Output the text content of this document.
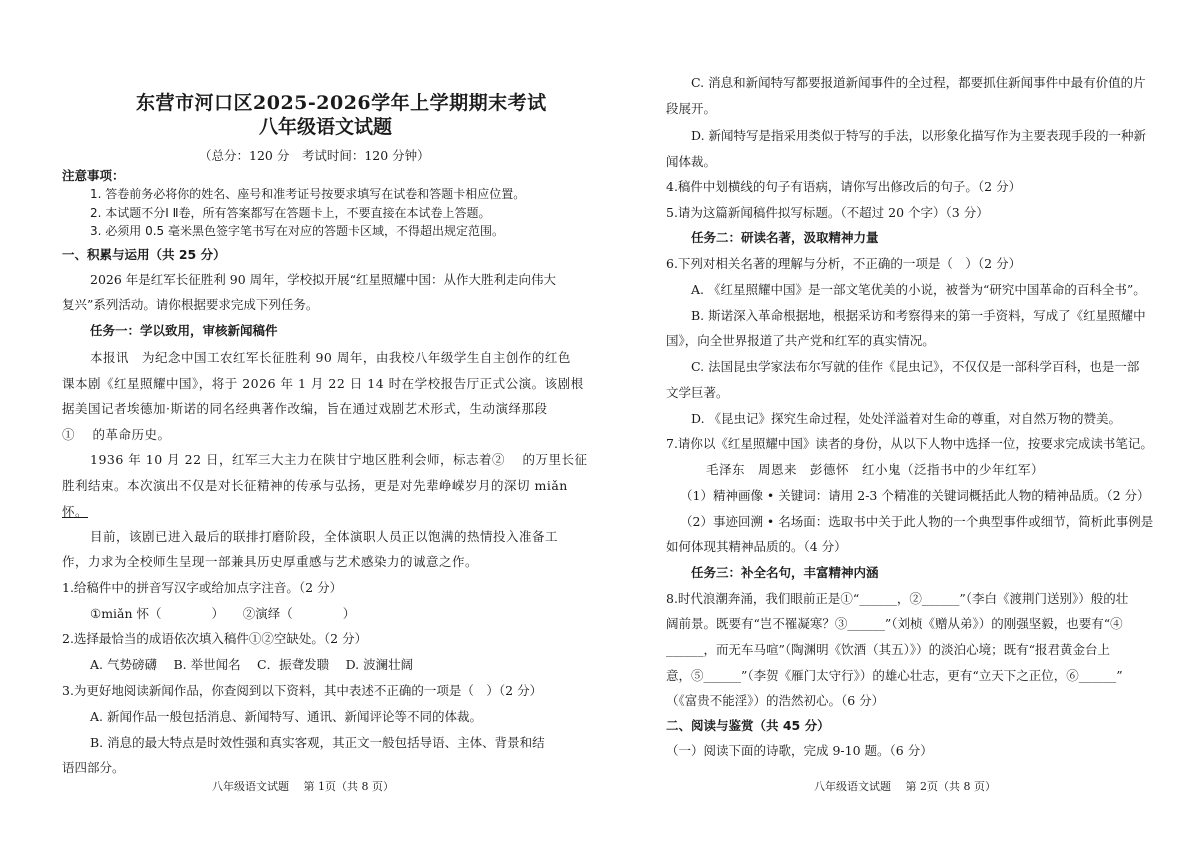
东营市河口区2025-2026学年上学期期末考试
八年级语文试题
（总分：120 分　考试时间：120 分钟）
注意事项：
1. 答卷前务必将你的姓名、座号和准考证号按要求填写在试卷和答题卡相应位置。
2. 本试题不分Ⅰ Ⅱ卷，所有答案都写在答题卡上，不要直接在本试卷上答题。
3. 必须用 0.5 毫米黑色签字笔书写在对应的答题卡区域，不得超出规定范围。
一、积累与运用（共 25 分）
2026 年是红军长征胜利 90 周年，学校拟开展“红星照耀中国：从作大胜利走向伟大
复兴”系列活动。请你根据要求完成下列任务。
任务一：学以致用，审核新闻稿件
本报讯　为纪念中国工农红军长征胜利 90 周年，由我校八年级学生自主创作的红色
课本剧《红星照耀中国》，将于 2026 年 1 月 22 日 14 时在学校报告厅正式公演。该剧根
据美国记者埃德加·斯诺的同名经典著作改编，旨在通过戏剧艺术形式，生动演绎那段
①　 的革命历史。
1936 年 10 月 22 日，红军三大主力在陕甘宁地区胜利会师，标志着②　 的万里长征
胜利结束。本次演出不仅是对长征精神的传承与弘扬，更是对先辈峥嵘岁月的深切 miǎn
怀。
目前，该剧已进入最后的联排打磨阶段，全体演职人员正以饱满的热情投入准备工
作，力求为全校师生呈现一部兼具历史厚重感与艺术感染力的诚意之作。
1.给稿件中的拼音写汉字或给加点字注音。（2 分）
①miǎn 怀（　　　　）　　②演绎（　　　　）
2.选择最恰当的成语依次填入稿件①②空缺处。（2 分）
A. 气势磅礴　 B. 举世闻名　 C．振聋发聩　 D. 波澜壮阔
3.为更好地阅读新闻作品，你查阅到以下资料，其中表述不正确的一项是（　）（2 分）
A. 新闻作品一般包括消息、新闻特写、通讯、新闻评论等不同的体裁。
B. 消息的最大特点是时效性强和真实客观，其正文一般包括导语、主体、背景和结
语四部分。
八年级语文试题　 第 1页（共 8 页）
C. 消息和新闻特写都要报道新闻事件的全过程，都要抓住新闻事件中最有价值的片
段展开。
D. 新闻特写是指采用类似于特写的手法，以形象化描写作为主要表现手段的一种新
闻体裁。
4.稿件中划横线的句子有语病，请你写出修改后的句子。（2 分）
5.请为这篇新闻稿件拟写标题。（不超过 20 个字）（3 分）
任务二：研读名著，汲取精神力量
6.下列对相关名著的理解与分析，不正确的一项是（　）（2 分）
A. 《红星照耀中国》是一部文笔优美的小说，被誉为“研究中国革命的百科全书”。
B. 斯诺深入革命根据地，根据采访和考察得来的第一手资料，写成了《红星照耀中
国》，向全世界报道了共产党和红军的真实情况。
C. 法国昆虫学家法布尔写就的佳作《昆虫记》，不仅仅是一部科学百科，也是一部
文学巨著。
D. 《昆虫记》探究生命过程，处处洋溢着对生命的尊重，对自然万物的赞美。
7.请你以《红星照耀中国》读者的身份，从以下人物中选择一位，按要求完成读书笔记。
毛泽东　周恩来　彭德怀　红小鬼（泛指书中的少年红军）
（1）精神画像 • 关键词：请用 2-3 个精准的关键词概括此人物的精神品质。（2 分）
（2）事迹回溯 • 名场面：选取书中关于此人物的一个典型事件或细节，简析此事例是
如何体现其精神品质的。（4 分）
任务三：补全名句，丰富精神内涵
8.时代浪潮奔涌，我们眼前正是①“______，②______”（李白《渡荆门送别》）般的壮
阔前景。既要有“岂不罹凝寒？③______”（刘桢《赠从弟》）的刚强坚毅，也要有“④
______，而无车马喧”（陶渊明《饮酒（其五）》）的淡泊心境；既有“报君黄金台上
意，⑤______”（李贺《雁门太守行》）的雄心壮志，更有“立天下之正位，⑥______”
（《富贵不能淫》）的浩然初心。（6 分）
二、阅读与鉴赏（共 45 分）
（一）阅读下面的诗歌，完成 9-10 题。（6 分）
八年级语文试题　 第 2页（共 8 页）
